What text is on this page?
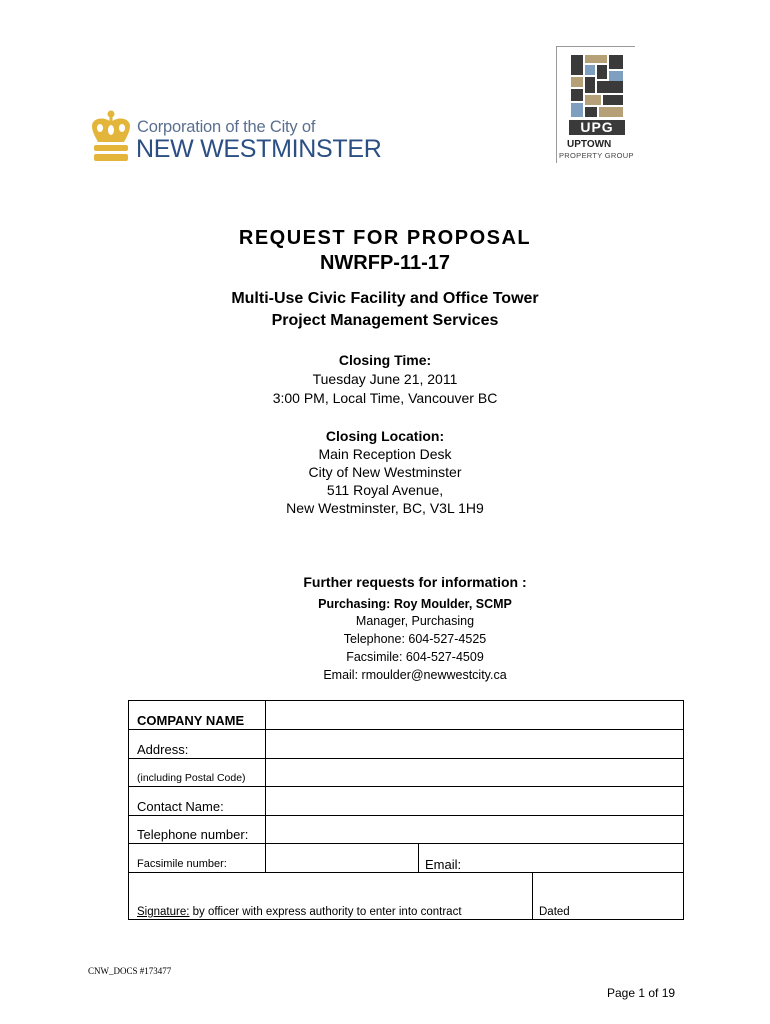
Corporation of the City of
NEW WESTMINSTER
UPG
UPTOWN
PROPERTY GROUP
REQUEST FOR PROPOSAL
NWRFP-11-17
Multi-Use Civic Facility and Office Tower
Project Management Services
Closing Time:
Tuesday June 21, 2011
3:00 PM, Local Time, Vancouver BC
Closing Location:
Main Reception Desk
City of New Westminster
511 Royal Avenue,
New Westminster, BC, V3L 1H9
Further requests for information :
Purchasing: Roy Moulder, SCMP
Manager, Purchasing
Telephone: 604-527-4525
Facsimile: 604-527-4509
Email: rmoulder@newwestcity.ca
COMPANY NAME
Address:
(including Postal Code)
Contact Name:
Telephone number:
Facsimile number:	Email:
Signature: by officer with express authority to enter into contract	Dated
CNW_DOCS #173477
Page 1 of 19
